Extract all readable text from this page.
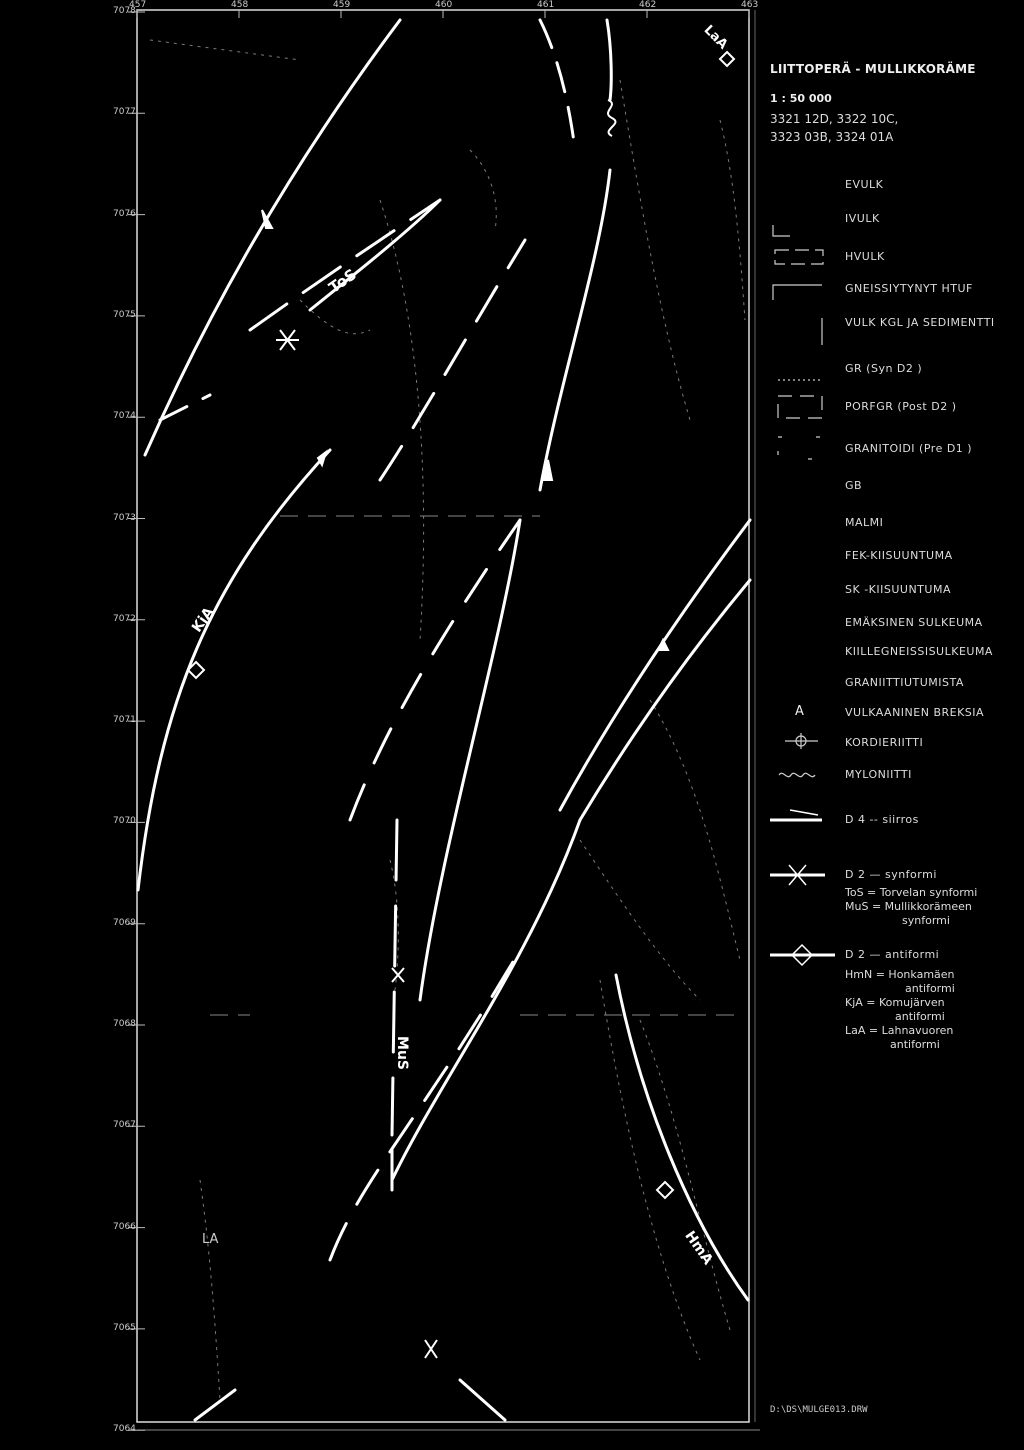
457	458	459	460	461	462	463
7078
7077
7076
7075
7074
7073
7072
7071
7070
7069
7068
7067
7066
7065
7064
ToS
KjA
LaA
MuS
HmA
LA
LIITTOPERÄ - MULLIKKORÄME
1 : 50 000
3321 12D, 3322 10C,
3323 03B, 3324 01A
EVULK
IVULK
HVULK
GNEISSIYTYNYT HTUF
VULK KGL JA SEDIMENTTI
GR (Syn D2 )
PORFGR (Post D2 )
GRANITOIDI (Pre D1 )
GB
MALMI
FEK-KIISUUNTUMA
SK -KIISUUNTUMA
EMÄKSINEN SULKEUMA
KIILLEGNEISSISULKEUMA
GRANIITTIUTUMISTA
VULKAANINEN BREKSIA
KORDIERIITTI
MYLONIITTI
A
D 4 -- siirros
D 2 — synformi
ToS = Torvelan synformi
MuS = Mullikkorämeen
synformi
D 2 — antiformi
HmN = Honkamäen
antiformi
KjA = Komujärven
antiformi
LaA = Lahnavuoren
antiformi
D:\DS\MULGE013.DRW
